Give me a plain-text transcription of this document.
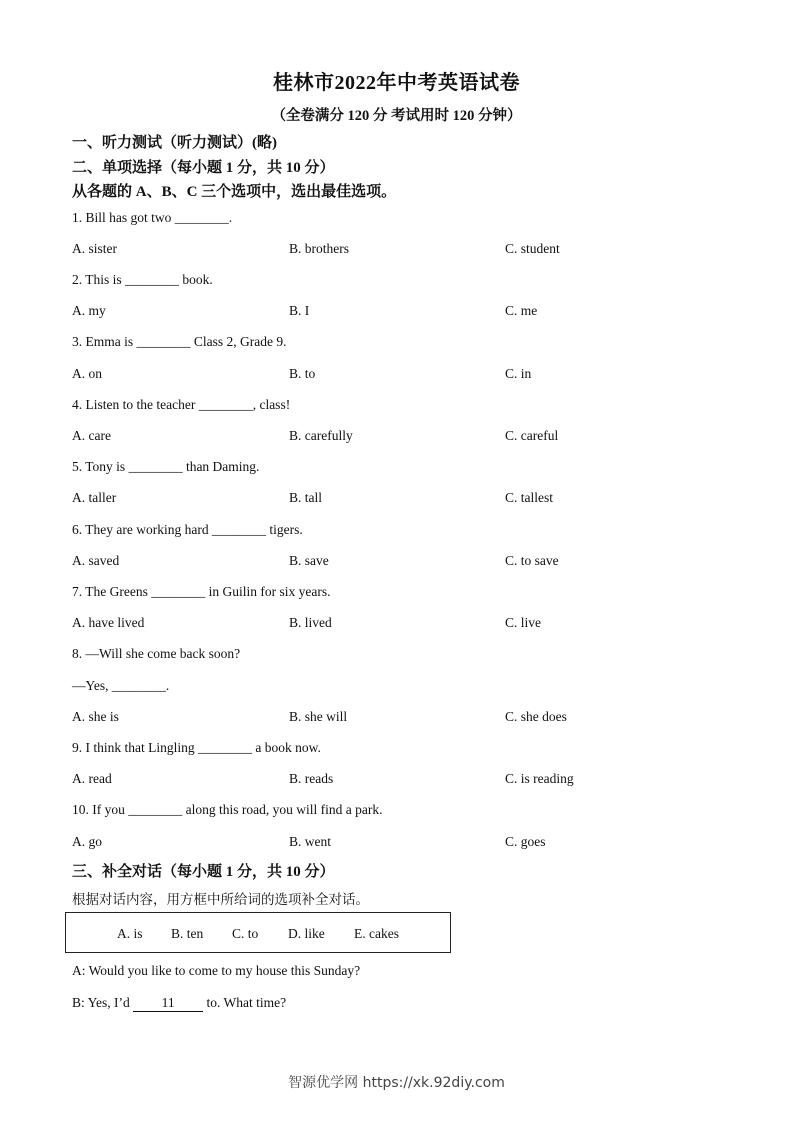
桂林市2022年中考英语试卷
（全卷满分 120 分 考试用时 120 分钟）
一、听力测试（听力测试）(略)
二、单项选择（每小题 1 分，共 10 分）
从各题的 A、B、C 三个选项中，选出最佳选项。
1. Bill has got two ________.
A. sister	B. brothers	C. student
2. This is ________ book.
A. my	B. I	C. me
3. Emma is ________ Class 2, Grade 9.
A. on	B. to	C. in
4. Listen to the teacher ________, class!
A. care	B. carefully	C. careful
5. Tony is ________ than Daming.
A. taller	B. tall	C. tallest
6. They are working hard ________ tigers.
A. saved	B. save	C. to save
7. The Greens ________ in Guilin for six years.
A. have lived	B. lived	C. live
8. —Will she come back soon?
—Yes, ________.
A. she is	B. she will	C. she does
9. I think that Lingling ________ a book now.
A. read	B. reads	C. is reading
10. If you ________ along this road, you will find a park.
A. go	B. went	C. goes
三、补全对话（每小题 1 分，共 10 分）
根据对话内容，用方框中所给词的选项补全对话。
A. is B. ten C. to D. like E. cakes
A: Would you like to come to my house this Sunday?
B: Yes, I’d 11 to. What time?
智源优学网 https://xk.92diy.com
